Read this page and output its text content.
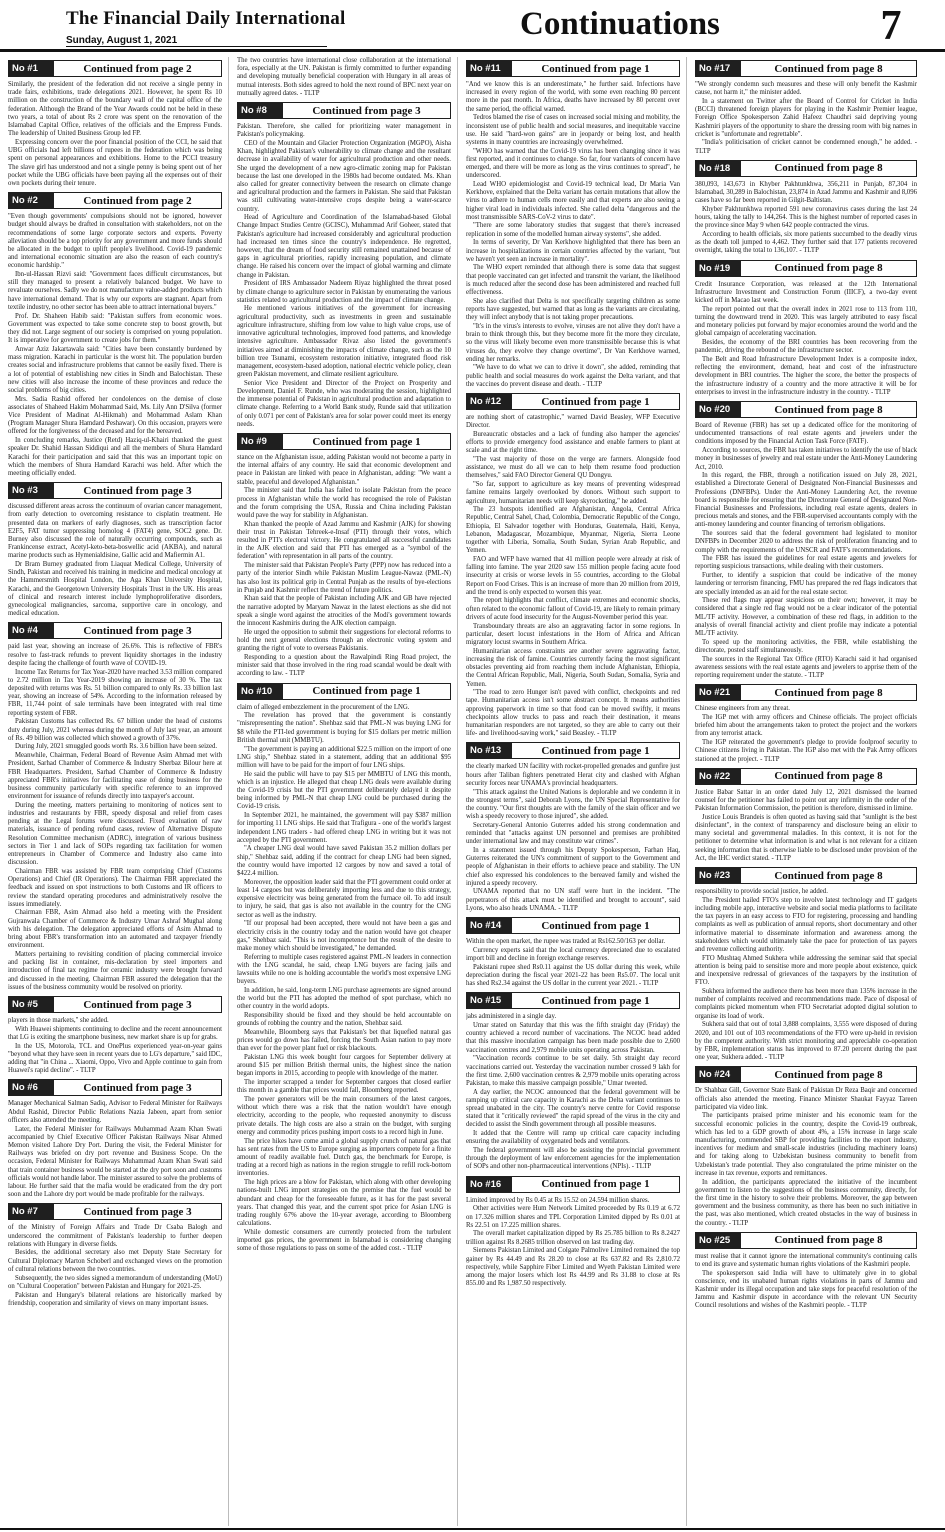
The Financial Daily International
Sunday, August 1, 2021	Continuations	7
No #1	Continued from page 2

Similarly, the president of the federation did not receive a single penny in trade fairs, exhibitions, trade delegations 2021. However, he spent Rs 10 million on the construction of the boundary wall of the capital office of the federation. Although the Brand of the Year Awards could not be held in these two years, a total of about Rs 2 crore was spent on the renovation of the Islamabad Capital Office, relatives of the officials and the Empress Funds. The leadership of United Business Group led FP.

Expressing concern over the poor financial position of the CCI, he said that UBG officials had left billions of rupees in the federation which was being spent on personal appearances and exhibitions. Home to the PCCI treasury The slave girl has understood and not a single penny is being spent out of her pocket while the UBG officials have been paying all the expenses out of their own pockets during their tenure.

No #2	Continued from page 2

"Even though governments' compulsions should not be ignored, however budget should always be drafted in consultation with stakeholders, not on the recommendations of some large corporate sectors and experts. Poverty alleviation should be a top priority for any government and more funds should be allocated in the budget to uplift people's livelihood. Covid-19 pandemic and international economic situation are also the reason of each country's economic hardship."

Ibn-ul-Hassan Rizvi said: "Government faces difficult circumstances, but still they managed to present a relatively balanced budget. We have to revaluate ourselves. Sadly we do not manufacture value-added products which have international demand. That is why our exports are stagnant. Apart from textile industry, no other sector has been able to attract international buyers."

Prof. Dr. Shaheen Habib said: "Pakistan suffers from economic woes. Government was expected to take some concrete step to boost growth, but they did not. Large segment of our society is comprised on young population. It is imperative for government to create jobs for them."

Anwar Aziz Jakartawala said: "Cities have been constantly burdened by mass migration. Karachi in particular is the worst hit. The population burden creates social and infrastructure problems that cannot be easily fixed. There is a lot of potential of establishing new cities in Sindh and Balochistan. These new cities will also increase the income of these provinces and reduce the social problems of big cities.

Mrs. Sadia Rashid offered her condolences on the demise of close associates of Shaheed Hakim Mohammad Said, Ms. Lily Ann D'Silva (former Vice President of Madinat Al-Hikmah) and Mohammad Aslam Khan (Program Manager Shura Hamdard Peshawar). On this occasion, prayers were offered for the forgiveness of the deceased and for the bereaved.

In concluding remarks, Justice (Retd) Haziq-ul-Khairi thanked the guest speaker Dr. Shahid Hassan Siddiqui and all the members of Shura Hamdard Karachi for their participation and said that this was an important topic on which the members of Shura Hamdard Karachi was held. After which the meeting officially ended.

No #3	Continued from page 3

discussed different areas across the continuum of ovarian cancer management, from early detection to overcoming resistance to cisplatin treatment. He presented data on markers of early diagnoses, such as transcription factor E2F5, FAT tumor suppressing homolog 4 (FAT4) gene, SOC2 gene. Dr. Burney also discussed the role of naturally occurring compounds, such as Frankincense extract, Acetyl-keto-beta-boswellic acid (AKBA), and natural marine products such as Hymenialdisine, Gallic acid and Mafiermin A1.

Dr Bram Burney graduated from Liaquat Medical College, University of Sindh, Pakistan and received his training in medicine and medical oncology at the Hammersmith Hospital London, the Aga Khan University Hospital, Karachi, and the Georgetown University Hospitals Trust in the UK. His areas of clinical and research interest include lymphoproliferative disorders, gynecological malignancies, sarcoma, supportive care in oncology, and medical education.

No #4	Continued from page 3

paid last year, showing an increase of 26.6%. This is reflective of FBR's resolve to fast-track refunds to prevent liquidity shortages in the industry despite facing the challenge of fourth wave of COVID-19.

Income Tax Returns for Tax Year-2020 have reached 3.53 million compared to 2.72 million in Tax Year-2019 showing an increase of 30 %. The tax deposited with returns was Rs. 51 billion compared to only Rs. 33 billion last year, showing an increase of 54%. According to the information released by FBR, 11,744 point of sale terminals have been integrated with real time reporting system of FBR.

Pakistan Customs has collected Rs. 67 billion under the head of customs duty during July, 2021 whereas during the month of July last year, an amount of Rs. 49 billion was collected which showed a growth of 37%.

During July, 2021 smuggled goods worth Rs. 3.6 billion have been seized.

Meanwhile, Chairman, Federal Board of Revenue Asim Ahmad met with President, Sarhad Chamber of Commerce & Industry Sherbaz Bilour here at FBR Headquarters. President, Sarhad Chamber of Commerce & Industry appreciated FBR's initiatives for facilitating ease of doing business for the business community particularly with specific reference to an improved environment for issuance of refunds directly into taxpayer's account.

During the meeting, matters pertaining to monitoring of notices sent to industries and restaurants by FBR, speedy disposal and relief from cases pending at the Legal forums were discussed. Fixed evaluation of raw materials, issuance of pending refund cases, review of Alternative Dispute Resolution Committee mechanism (ADRC), integration of various business sectors in Tier 1 and lack of SOPs regarding tax facilitation for women entrepreneurs in Chamber of Commerce and Industry also came into discussion.

Chairman FBR was assisted by FBR team comprising Chief (Customs Operations) and Chief (IR Operations). The Chairman FBR appreciated the feedback and issued on spot instructions to both Customs and IR officers to review the standard operating procedures and administratively resolve the issues immediately.

Chairman FBR, Asim Ahmad also held a meeting with the President Gujranwala Chamber of Commerce & Industry Umar Ashraf Mughal along with his delegation. The delegation appreciated efforts of Asim Ahmad to bring about FBR's transformation into an automated and taxpayer friendly environment.

Matters pertaining to revisiting condition of placing commercial invoice and packing list in container, mis-declaration by steel importers and introduction of final tax regime for ceramic industry were brought forward and discussed in the meeting. Chairman FBR assured the delegation that the issues of the business community would be resolved on priority.

No #5	Continued from page 3

players in those markets," she added.

With Huawei shipments continuing to decline and the recent announcement that LG is exiting the smartphone business, new market share is up for grabs.

In the US, Motorola, TCL and OnePlus experienced year-on-year gains "beyond what they have seen in recent years due to LG's departure," said IDC, adding that "in China ... Xiaomi, Oppo, Vivo and Apple continue to gain from Huawei's rapid decline". - TLTP

No #6	Continued from page 3

Manager Mechanical Salman Sadiq, Advisor to Federal Minister for Railways Abdul Rashid, Director Public Relations Nazia Jabeen, apart from senior officers also attended the meeting.

Later, the Federal Minister for Railways Muhammad Azam Khan Swati accompanied by Chief Executive Officer Pakistan Railways Nisar Ahmed Memon visited Lahore Dry Port. During the visit, the Federal Minister for Railways was briefed on dry port revenue and Business Scope. On the occasion, Federal Minister for Railways Muhammad Azam Khan Swati said that train container business would be started at the dry port soon and customs officials would not handle labor. The minister assured to solve the problems of labour. He further said that the mafia would be eradicated from the dry port soon and the Lahore dry port would be made profitable for the railways.

No #7	Continued from page 3

of the Ministry of Foreign Affairs and Trade Dr Csaba Balogh and underscored the commitment of Pakistan's leadership to further deepen relations with Hungary in diverse fields.

Besides, the additional secretary also met Deputy State Secretary for Cultural Diplomacy Marton Schoberl and exchanged views on the promotion of cultural relations between the two countries.

Subsequently, the two sides signed a memorandum of understanding (MoU) on "Cultural Cooperation" between Pakistan and Hungary for 2021-25.

Pakistan and Hungary's bilateral relations are historically marked by friendship, cooperation and similarity of views on many important issues.

The two countries have international close collaboration at the international fora, especially at the UN. Pakistan is firmly committed to further expanding and developing mutually beneficial cooperation with Hungary in all areas of mutual interests. Both sides agreed to hold the next round of BPC next year on mutually agreed dates. - TLTP

No #8	Continued from page 3

Pakistan. Therefore, she called for prioritizing water management in Pakistan's policymaking.

CEO of the Mountain and Glacier Protection Organization (MGPO), Aisha Khan, highlighted Pakistan's vulnerability to climate change and the resultant decrease in availability of water for agricultural production and other needs. She urged the development of a new agro-climatic zoning map for Pakistan because the last one developed in the 1980s had become outdated. Ms. Khan also called for greater connectivity between the research on climate change and agricultural production and the farmers in Pakistan. She said that Pakistan was still cultivating water-intensive crops despite being a water-scarce country.

Head of Agriculture and Coordination of the Islamabad-based Global Change Impact Studies Centre (GCISC), Muhammad Arif Goheer, stated that Pakistan's agriculture had increased considerably and agricultural production had increased ten times since the country's independence. He regretted, however, that the dream of food security still remained unattained because of gaps in agricultural priorities, rapidly increasing population, and climate change. He raised his concern over the impact of global warming and climate change in Pakistan.

President of IRS Ambassador Nadeem Riyaz highlighted the threat posed by climate change to agriculture sector in Pakistan by enumerating the various statistics related to agricultural production and the impact of climate change.

He mentioned various initiatives of the government for increasing agricultural productivity, such as investments in green and sustainable agriculture infrastructure, shifting from low value to high value crops, use of innovative agricultural technologies, improved food patterns, and knowledge intensive agriculture. Ambassador Rivaz also listed the government's initiatives aimed at diminishing the impacts of climate change, such as the 10 billion tree Tsunami, ecosystem restoration initiative, integrated flood risk management, ecosystem-based adoption, national electric vehicle policy, clean green Pakistan movement, and climate resilient agriculture.

Senior Vice President and Director of the Project on Prosperity and Development, Daniel F. Runde, who was moderating the session, highlighted the immense potential of Pakistan in agricultural production and adaptation to climate change. Referring to a World Bank study, Runde said that utilization of only 0.071 per cent of Pakistan's area for solar power could meet its energy needs.

No #9	Continued from page 1

stance on the Afghanistan issue, adding Pakistan would not become a party in the internal affairs of any country. He said that economic development and peace in Pakistan are linked with peace in Afghanistan, adding: "We want a stable, peaceful and developed Afghanistan."

The minister said that India has failed to isolate Pakistan from the peace process in Afghanistan while the world has recognised the role of Pakistan and the forum comprising the USA, Russia and China including Pakistan would pave the way for stability in Afghanistan.

Khan thanked the people of Azad Jammu and Kashmir (AJK) for showing their trust in Pakistan Tehreek-e-Insaf (PTI) through their votes, which resulted in PTI's electoral victory. He congratulated all successful candidates in the AJK election and said that PTI has emerged as a "symbol of the federation" with representation in all parts of the country.

The minister said that Pakistan People's Party (PPP) now has reduced into a party of the interior Sindh while Pakistan Muslim League-Nawaz (PML-N) has also lost its political grip in Central Punjab as the results of bye-elections in Punjab and Kashmir reflect the trend of future politics.

Khan said that the people of Pakistan including AJK and GB have rejected the narrative adopted by Maryam Nawaz in the latest elections as she did not speak a single word against the atrocities of the Modi's government towards the innocent Kashmiris during the AJK election campaign.

He urged the opposition to submit their suggestions for electoral reforms to hold the next general elections through an electronic voting system and granting the right of vote to overseas Pakistanis.

Responding to a question about the Rawalpindi Ring Road project, the minister said that those involved in the ring road scandal would be dealt with according to law. - TLTP

No #10	Continued from page 1

claim of alleged embezzlement in the procurement of the LNG.

The revelation has proved that the government is constantly "misrepresenting the nation". Shehbaz said that PML-N was buying LNG for $8 while the PTI-led government is buying for $15 dollars per metric million British thermal unit (MMBTU).

"The government is paying an additional $22.5 million on the import of one LNG ship," Shehbaz stated in a statement, adding that an additional $95 million will have to be paid for the import of four LNG ships.

He said the public will have to pay $15 per MMBTU of LNG this month, which is an injustice. He alleged that cheap LNG deals were available during the Covid-19 crisis but the PTI government deliberately delayed it despite being informed by PML-N that cheap LNG could be purchased during the Covid-19 crisis.

In September 2021, he maintained, the government will pay $387 million for importing 11 LNG ships. He said that Trafigura - one of the world's largest independent LNG traders - had offered cheap LNG in writing but it was not accepted by the PTI government.

"A cheaper LNG deal would have saved Pakistan 35.2 million dollars per ship," Shehbaz said, adding if the contract for cheap LNG had been signed, the country would have imported 12 cargoes by now and saved a total of $422.4 million.

Moreover, the opposition leader said that the PTI government could order at least 14 cargoes but was deliberately importing less and due to this strategy, expensive electricity was being generated from the furnace oil. To add insult to injury, he said, that gas is also not available in the country for the CNG sector as well as the industry.

"If our proposal had been accepted, there would not have been a gas and electricity crisis in the country today and the nation would have got cheaper gas," Shehbaz said. "This is not incompetence but the result of the desire to make money which should be investigated," he demanded.

Referring to multiple cases registered against PML-N leaders in connection with the LNG scandal, he said, cheap LNG buyers are facing jails and lawsuits while no one is holding accountable the world's most expensive LNG buyers.

In addition, he said, long-term LNG purchase agreements are signed around the world but the PTI has adopted the method of spot purchase, which no other country in the world adopts.

Responsibility should be fixed and they should be held accountable on grounds of robbing the country and the nation, Shehbaz said.

Meanwhile, Bloomberg says that Pakistan's bet that liquefied natural gas prices would go down has failed, forcing the South Asian nation to pay more than ever for the power plant fuel or risk blackouts.

Pakistan LNG this week bought four cargoes for September delivery at around $15 per million British thermal units, the highest since the nation began imports in 2015, according to people with knowledge of the matter.

The importer scrapped a tender for September cargoes that closed earlier this month in a gamble that prices would fall, Bloomberg reported.

The power generators will be the main consumers of the latest cargoes, without which there was a risk that the nation wouldn't have enough electricity, according to the people, who requested anonymity to discuss private details. The high costs are also a strain on the budget, with surging energy and commodity prices pushing import costs to a record high in June.

The price hikes have come amid a global supply crunch of natural gas that has sent rates from the US to Europe surging as importers compete for a finite amount of readily available fuel. Dutch gas, the benchmark for Europe, is trading at a record high as nations in the region struggle to refill rock-bottom inventories.

The high prices are a blow for Pakistan, which along with other developing nations-built LNG import strategies on the premise that the fuel would be abundant and cheap for the foreseeable future, as it has for the past several years. That changed this year, and the current spot price for Asian LNG is trading roughly 67% above the 10-year average, according to Bloomberg calculations.

While domestic consumers are currently protected from the turbulent imported gas prices, the government in Islamabad is considering changing some of those regulations to pass on some of the added cost. - TLTP

No #11	Continued from page 1

"And we know this is an underestimate," he further said. Infections have increased in every region of the world, with some even reaching 80 percent more in the past month. In Africa, deaths have increased by 80 percent over the same period, the official warned.

Tedros blamed the rise of cases on increased social mixing and mobility, the inconsistent use of public health and social measures, and inequitable vaccine use. He said "hard-won gains" are in jeopardy or being lost, and health systems in many countries are increasingly overwhelmed.

"WHO has warned that the Covid-19 virus has been changing since it was first reported, and it continues to change. So far, four variants of concern have emerged, and there will be more as long as the virus continues to spread", he underscored.

Lead WHO epidemiologist and Covid-19 technical lead, Dr Maria Van Kerkhove, explained that the Delta variant has certain mutations that allow the virus to adhere to human cells more easily and that experts are also seeing a higher viral load in individuals infected. She called delta "dangerous and the most transmissible SARS-CoV-2 virus to date".

"There are some laboratory studies that suggest that there's increased replication in some of the modelled human airway systems", she added.

In terms of severity, Dr Van Kerkhove highlighted that there has been an increase in hospitalizations in certain countries affected by the variant, "but we haven't yet seen an increase in mortality".

The WHO expert reminded that although there is some data that suggest that people vaccinated can get infected and transmit the variant, the likelihood is much reduced after the second dose has been administered and reached full effectiveness.

She also clarified that Delta is not specifically targeting children as some reports have suggested, but warned that as long as the variants are circulating, they will infect anybody that is not taking proper precautions.

"It's in the virus's interests to evolve, viruses are not alive they don't have a brain to think through this, but they become more fit the more they circulate, so the virus will likely become even more transmissible because this is what viruses do, they evolve they change overtime", Dr Van Kerkhove warned, ending her remarks.

"We have to do what we can to drive it down", she added, reminding that public health and social measures do work against the Delta variant, and that the vaccines do prevent disease and death. - TLTP

No #12	Continued from page 1

are nothing short of catastrophic," warned David Beasley, WFP Executive Director.

Bureaucratic obstacles and a lack of funding also hamper the agencies' efforts to provide emergency food assistance and enable farmers to plant at scale and at the right time.

"The vast majority of those on the verge are farmers. Alongside food assistance, we must do all we can to help them resume food production themselves," said FAO Director General QU Dongyu.

"So far, support to agriculture as key means of preventing widespread famine remains largely overlooked by donors. Without such support to agriculture, humanitarian needs will keep skyrocketing," he added.

The 23 hotspots identified are Afghanistan, Angola, Central Africa Republic, Central Sahel, Chad, Colombia, Democratic Republic of the Congo, Ethiopia, El Salvador together with Honduras, Guatemala, Haiti, Kenya, Lebanon, Madagascar, Mozambique, Myanmar, Nigeria, Sierra Leone together with Liberia, Somalia, South Sudan, Syrian Arab Republic, and Yemen.

FAO and WFP have warned that 41 million people were already at risk of falling into famine. The year 2020 saw 155 million people facing acute food insecurity at crisis or worse levels in 55 countries, according to the Global Report on Food Crises. This is an increase of more than 20 million from 2019, and the trend is only expected to worsen this year.

The report highlights that conflict, climate extremes and economic shocks, often related to the economic fallout of Covid-19, are likely to remain primary drivers of acute food insecurity for the August-November period this year.

Transboundary threats are also an aggravating factor in some regions. In particular, desert locust infestations in the Horn of Africa and African migratory locust swarms in Southern Africa.

Humanitarian access constraints are another severe aggravating factor, increasing the risk of famine. Countries currently facing the most significant obstacles preventing aid from reaching them include Afghanistan, Ethiopia, the Central African Republic, Mali, Nigeria, South Sudan, Somalia, Syria and Yemen.

"The road to zero Hunger isn't paved with conflict, checkpoints and red tape. Humanitarian access isn't some abstract concept. It means authorities approving paperwork in time so that food can be moved swiftly, it means checkpoints allow trucks to pass and reach their destination, it means humanitarian responders are not targeted, so they are able to carry out their life- and livelihood-saving work," said Beasley. - TLTP

No #13	Continued from page 1

the clearly marked UN facility with rocket-propelled grenades and gunfire just hours after Taliban fighters penetrated Herat city and clashed with Afghan security forces near UNAMA's provincial headquarters.

"This attack against the United Nations is deplorable and we condemn it in the strongest terms", said Deborah Lyons, the UN Special Representative for the country. "Our first thoughts are with the family of the slain officer and we wish a speedy recovery to those injured", she added.

Secretary-General Antonio Guterres added his strong condemnation and reminded that "attacks against UN personnel and premises are prohibited under international law and may constitute war crimes".

In a statement issued through his Deputy Spokesperson, Farhan Haq, Guterres reiterated the UN's commitment of support to the Government and people of Afghanistan in their efforts to achieve peace and stability. The UN chief also expressed his condolences to the bereaved family and wished the injured a speedy recovery.

UNAMA reported that no UN staff were hurt in the incident. "The perpetrators of this attack must be identified and brought to account", said Lyons, who also heads UNAMA. - TLTP

No #14	Continued from page 1

Within the open market, the rupee was traded at Rs162.50/163 per dollar.

Currency experts said that the local currency depreciated due to escalated import bill and decline in foreign exchange reserves.

Pakistani rupee shed Rs0.11 against the US dollar during this week, while depreciation during the fiscal year 2021-22 has been Rs5.07. The local unit has shed Rs2.34 against the US dollar in the current year 2021. - TLTP

No #15	Continued from page 1

jabs administered in a single day.

Umar stated on Saturday that this was the fifth straight day (Friday) the country achieved a record number of vaccinations. The NCOC head added that this massive inoculation campaign has been made possible due to 2,600 vaccination centres and 2,979 mobile units operating across Pakistan.

"Vaccination records continue to be set daily. 5th straight day record vaccinations carried out. Yesterday the vaccination number crossed 9 lakh for the first time. 2,600 vaccination centres & 2,979 mobile units operating across Pakistan, to make this massive campaign possible," Umar tweeted.

A day earlier, the NCOC announced that the federal government will be ramping up critical care capacity in Karachi as the Delta variant continues to spread unabated in the city. The country's nerve centre for Covid response stated that it "critically reviewed" the rapid spread of the virus in the city and decided to assist the Sindh government through all possible measures.

It added that the Centre will ramp up critical care capacity including ensuring the availability of oxygenated beds and ventilators.

The federal government will also be assisting the provincial government through the deployment of law enforcement agencies for the implementation of SOPs and other non-pharmaceutical interventions (NPIs). - TLTP

No #16	Continued from page 1

Limited improved by Rs 0.45 at Rs 15.52 on 24.594 million shares.

Other activities were Hum Network Limited proceeded by Rs 0.19 at 6.72 on 17.326 million shares and TPL Corporation Limited dipped by Rs 0.01 at Rs 22.51 on 17.225 million shares.

The overall market capitalization dipped by Rs 25.785 billion to Rs 8.2427 trillion against Rs 8.2685 trillion observed on last trading day.

Siemens Pakistan Limited and Colgate Palmolive Limited remained the top gainer by Rs 44.49 and Rs 28.20 to close at Rs 637.82 and Rs 2,810.72 respectively, while Sapphire Fiber Limited and Wyeth Pakistan Limited were among the major losers which lost Rs 44.99 and Rs 31.88 to close at Rs 855.00 and Rs 1,987.50 respectively.

No #17	Continued from page 8

"We strongly condemn such measures and these will only benefit the Kashmir cause, not harm it," the minister added.

In a statement on Twitter after the Board of Control for Cricket in India (BCCI) threatened foreign players for playing in the Kashmir Premier league, Foreign Office Spokesperson Zahid Hafeez Chaudhri said depriving young Kashmiri players of the opportunity to share the dressing room with big names in cricket is "unfortunate and regrettable".

"India's politicisation of cricket cannot be condemned enough," he added. - TLTP

No #18	Continued from page 8

380,093, 143,673 in Khyber Pakhtunkhwa, 356,211 in Punjab, 87,304 in Islamabad, 30,289 in Balochistan, 23,874 in Azad Jammu and Kashmir and 8,096 cases have so far been reported in Gilgit-Baltistan.

Khyber Pakhtunkhwa reported 591 new coronavirus cases during the last 24 hours, taking the tally to 144,264. This is the highest number of reported cases in the province since May 9 when 642 people contracted the virus.

According to health officials, six more patients succumbed to the deadly virus as the death toll jumped to 4,462. They further said that 177 patients recovered overnight, taking the total to 136,107. - TLTP

No #19	Continued from page 8

Credit Insurance Corporation, was released at the 12th International Infrastructure Investment and Construction Forum (IIICF), a two-day event kicked off in Macao last week.

The report pointed out that the overall index in 2021 rose to 113 from 110, turning the downward trend in 2020. This was largely attributed to easy fiscal and monetary policies put forward by major economies around the world and the global campaign of accelerating vaccination.

Besides, the economy of the BRI countries has been recovering from the pandemic, driving the rebound of the infrastructure sector.

The Belt and Road Infrastructure Development Index is a composite index, reflecting the environment, demand, heat and cost of the infrastructure development in BRI countries. The higher the score, the better the prospects of the infrastructure industry of a country and the more attractive it will be for enterprises to invest in the infrastructure industry in the country. - TLTP

No #20	Continued from page 8

Board of Revenue (FBR) has set up a dedicated office for the monitoring of undocumented transactions of real estate agents and jewelers under the conditions imposed by the Financial Action Task Force (FATF).

According to sources, the FBR has taken initiatives to identify the use of black money in businesses of jewelry and real estate under the Anti-Money Laundering Act, 2010.

In this regard, the FBR, through a notification issued on July 28, 2021, established a Directorate General of Designated Non-Financial Businesses and Professions (DNFBPs). Under the Anti-Money Laundering Act, the revenue board is responsible for ensuring that the Directorate General of Designated Non-Financial Businesses and Professions, including real estate agents, dealers in precious metals and stones, and the FBR-supervised accountants comply with the anti-money laundering and counter financing of terrorism obligations.

The sources said that the federal government had legislated to monitor DNFBPs in December 2020 to address the risk of proliferation financing and to comply with the requirements of the UNSCR and FATF's recommendations.

The FBR has issued the guidelines for real estate agents and jewelers for reporting suspicious transactions, while dealing with their customers.

Further, to identify a suspicion that could be indicative of the money laundering or terrorism financing, FMU has prepared the red flags indicators that are specially intended as an aid for the real estate sector.

These red flags may appear suspicious on their own; however, it may be considered that a single red flag would not be a clear indicator of the potential ML/TF activity. However, a combination of these red flags, in addition to the analysis of overall financial activity and client profile may indicate a potential ML/TF activity.

To speed up the monitoring activities, the FBR, while establishing the directorate, posted staff simultaneously.

The sources in the Regional Tax Office (RTO) Karachi said it had organised awareness sessions with the real estate agents and jewelers to apprise them of the reporting requirement under the statute. - TLTP

No #21	Continued from page 8

Chinese engineers from any threat.

The IGP met with army officers and Chinese officials. The project officials briefed him about the arrangements taken to protect the project and the workers from any terrorist attack.

The IGP reiterated the government's pledge to provide foolproof security to Chinese citizens living in Pakistan. The IGP also met with the Pak Army officers stationed at the project. - TLTP

No #22	Continued from page 8

Justice Babar Sattar in an order dated July 12, 2021 dismissed the learned counsel for the petitioner has failed to point out any infirmity in the order of the Pakistan Information Commission, the petition is therefore, dismissed in limine.

Justice Louis Brandeis is often quoted as having said that "sunlight is the best disinfectant", in the context of transparency and disclosure being an elixir to many societal and governmental maladies. In this context, it is not for the petitioner to determine what information is and what is not relevant for a citizen seeking information that is otherwise liable to be disclosed under provision of the Act, the IHC verdict stated. - TLTP

No #23	Continued from page 8

responsibility to provide social justice, he added.

The President hailed FTO's step to involve latest technology and IT gadgets including mobile app, interactive website and social media platforms to facilitate the tax payers in an easy access to FTO for registering, processing and handling complaints as well as publication of annual reports, short documentary and other informative material to disseminate information and awareness among the stakeholders which would ultimately take the pace for protection of tax payers and revenue collecting authority.

FTO Mushtaq Ahmed Sukhera while addressing the seminar said that special attention is being paid to sensitise more and more people about existence, quick and inexpensive redressal of grievances of the taxpayers by the institution of FTO.

Sukhera informed the audience there has been more than 135% increase in the number of complaints received and recommendations made. Pace of disposal of complaints picked momentum when FTO Secretariat adopted digital solution to organise its load of work.

Sukhera said that out of total 3,888 complaints, 3,555 were disposed of during 2020, and 101 out of 103 recommendations of the FTO were up-held in revision by the competent authority. With strict monitoring and appreciable co-operation by FBR, implementation status has improved to 87.20 percent during the past one year, Sukhera added. - TLTP

No #24	Continued from page 8

Dr Shahbaz Gill, Governor State Bank of Pakistan Dr Reza Baqir and concerned officials also attended the meeting. Finance Minister Shaukat Fayyaz Tareen participated via video link.

The participants praised prime minister and his economic team for the successful economic policies in the country, despite the Covid-19 outbreak, which has led to a GDP growth of about 4%, a 15% increase in large scale manufacturing, commended SBP for providing facilities to the export industry, incentives for medium and small-scale industries (including machinery loans) and for taking along to Uzbekistan business community to benefit from Uzbekistan's trade potential. They also congratulated the prime minister on the increase in tax revenue, exports and remittances.

In addition, the participants appreciated the initiative of the incumbent government to listen to the suggestions of the business community, directly, for the first time in the history to solve their problems. Moreover, the gap between government and the business community, as there has been no such initiative in the past, was also mentioned, which created obstacles in the way of business in the country. - TLTP

No #25	Continued from page 8

must realise that it cannot ignore the international community's continuing calls to end its grave and systematic human rights violations of the Kashmiri people.

The spokesperson said India will have to ultimately give in to global conscience, end its unabated human rights violations in parts of Jammu and Kashmir under its illegal occupation and take steps for peaceful resolution of the Jammu and Kashmir dispute in accordance with the relevant UN Security Council resolutions and wishes of the Kashmiri people. - TLTP
